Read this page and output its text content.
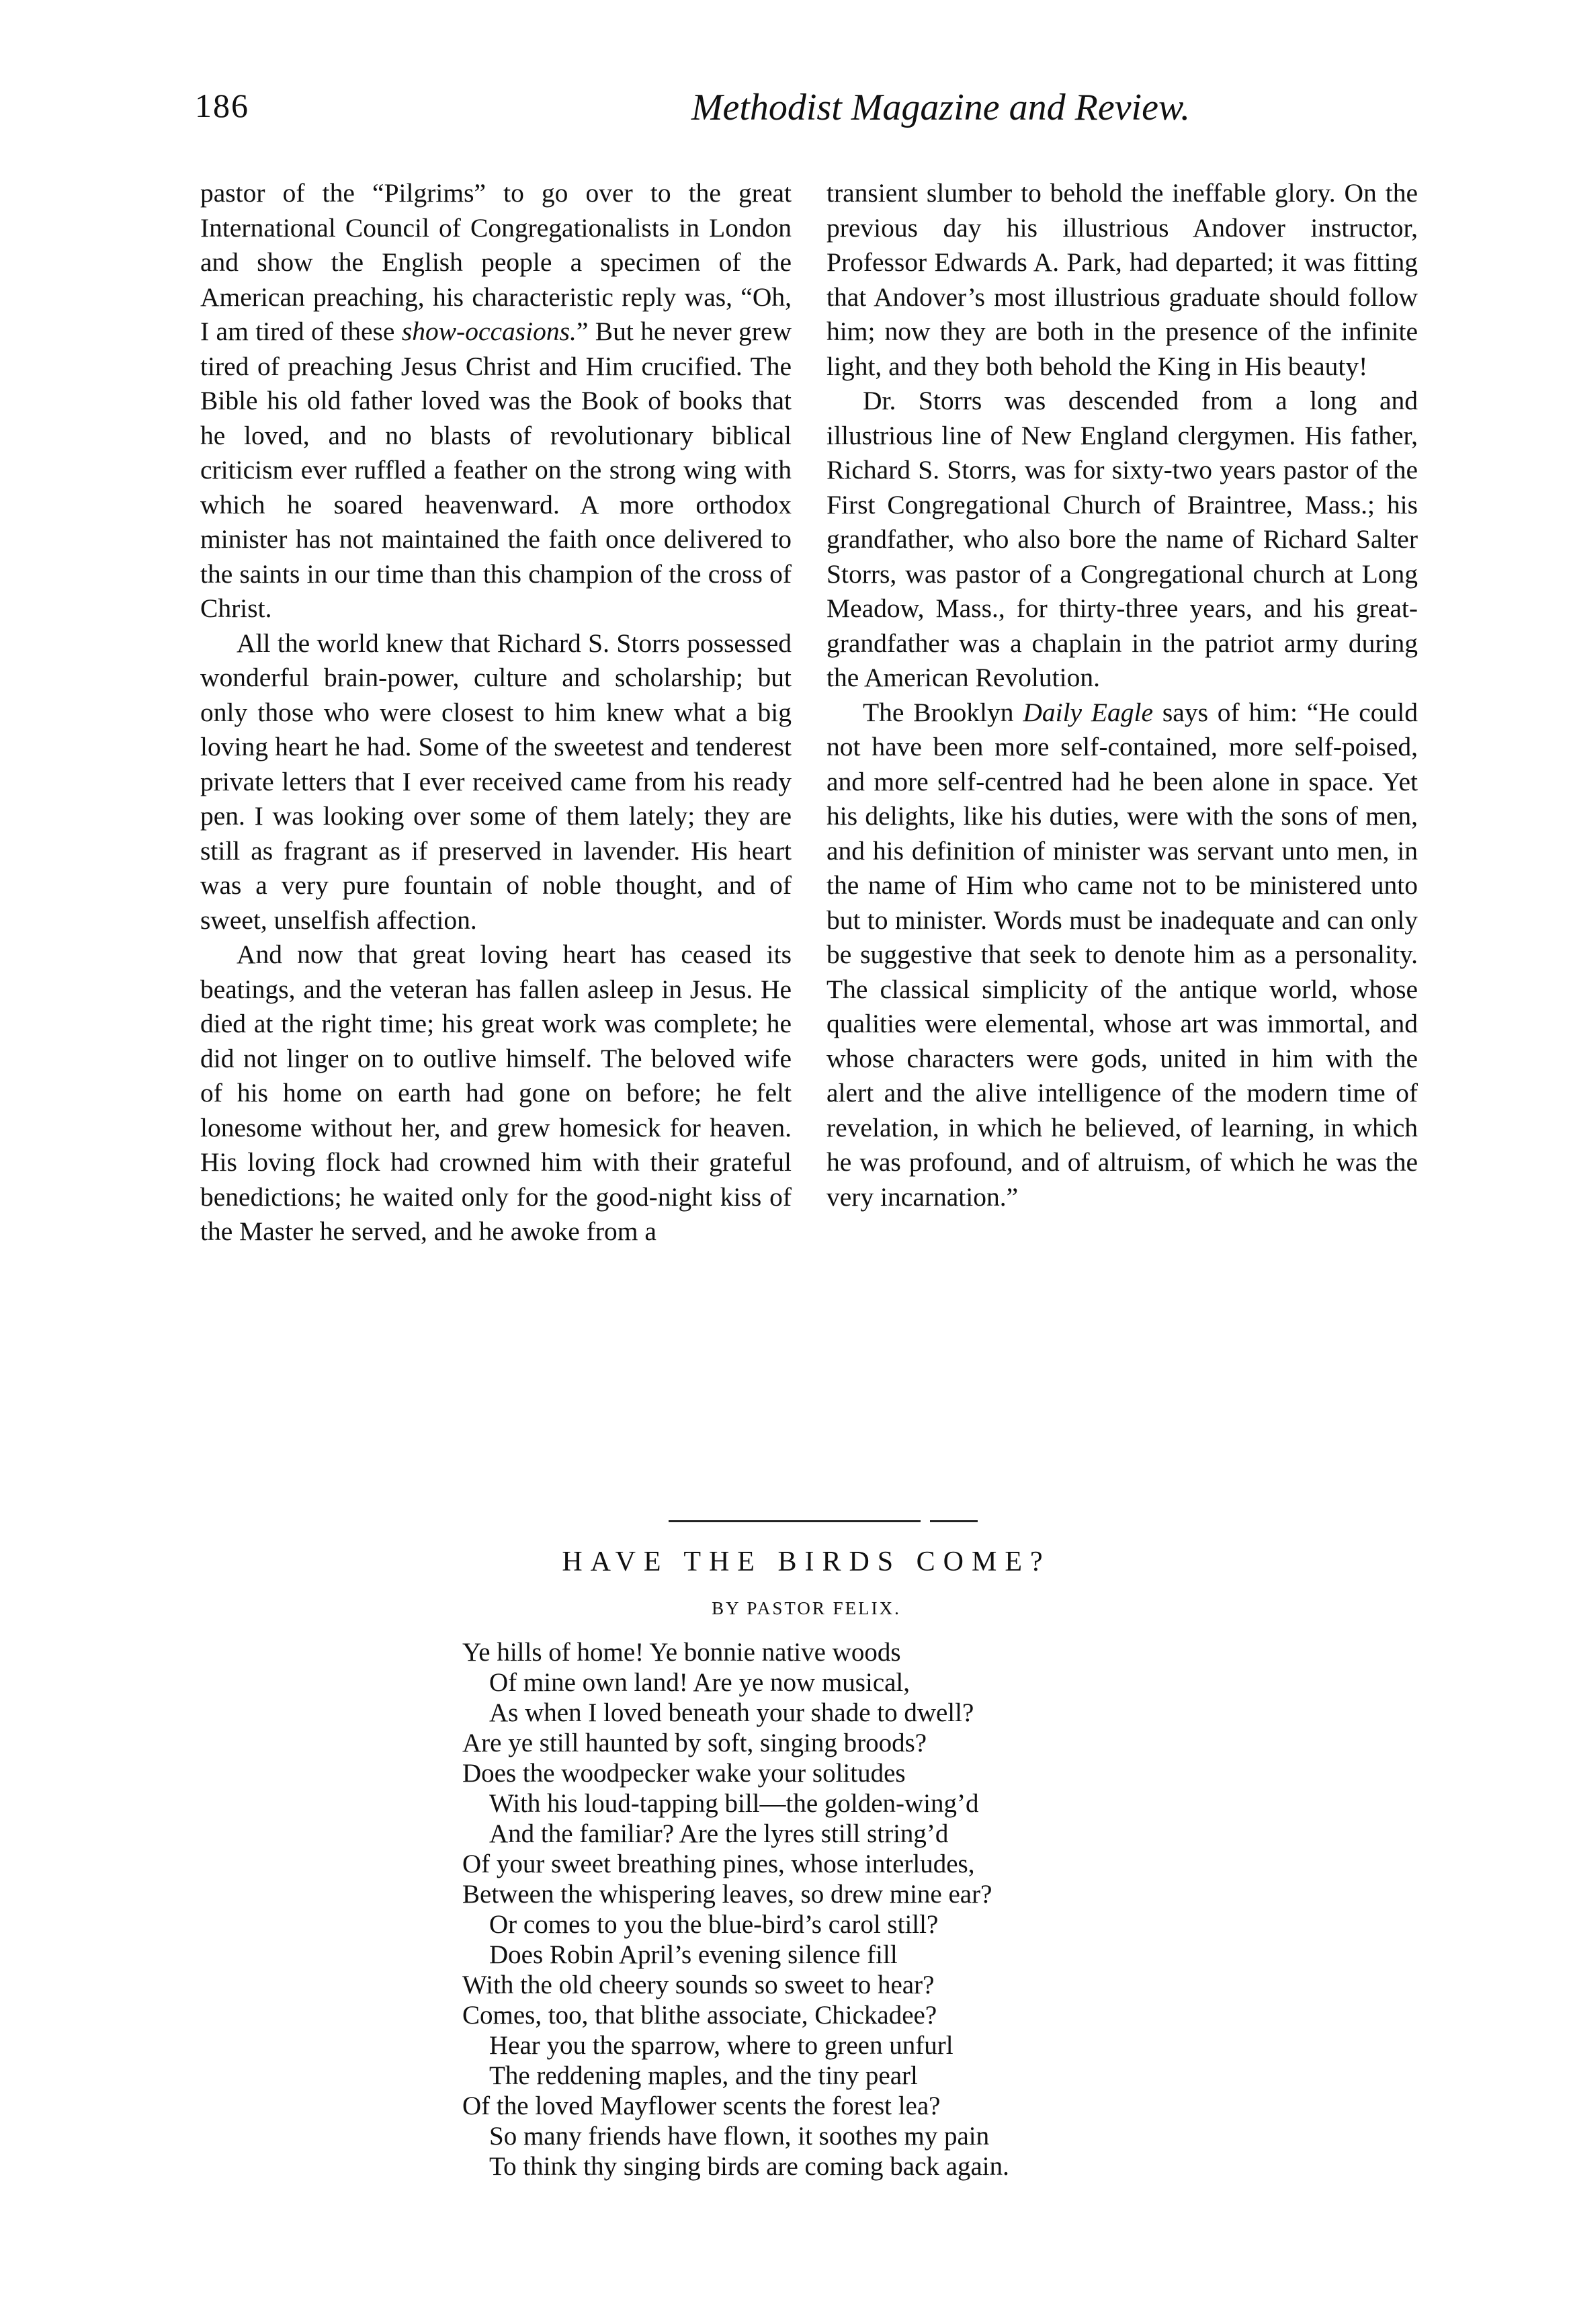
186	Methodist Magazine and Review.

pastor of the “Pilgrims” to go over to the great International Council of Congregationalists in London and show the English people a specimen of the American preaching, his characteristic reply was, “Oh, I am tired of these show-occasions.” But he never grew tired of preaching Jesus Christ and Him crucified. The Bible his old father loved was the Book of books that he loved, and no blasts of revolutionary biblical criticism ever ruffled a feather on the strong wing with which he soared heavenward. A more orthodox minister has not maintained the faith once delivered to the saints in our time than this champion of the cross of Christ.

All the world knew that Richard S. Storrs possessed wonderful brain-power, culture and scholarship; but only those who were closest to him knew what a big loving heart he had. Some of the sweetest and tenderest private letters that I ever received came from his ready pen. I was looking over some of them lately; they are still as fragrant as if preserved in lavender. His heart was a very pure fountain of noble thought, and of sweet, unselfish affection.

And now that great loving heart has ceased its beatings, and the veteran has fallen asleep in Jesus. He died at the right time; his great work was complete; he did not linger on to outlive himself. The beloved wife of his home on earth had gone on before; he felt lonesome without her, and grew homesick for heaven. His loving flock had crowned him with their grateful benedictions; he waited only for the good-night kiss of the Master he served, and he awoke from a

transient slumber to behold the ineffable glory. On the previous day his illustrious Andover instructor, Professor Edwards A. Park, had departed; it was fitting that Andover’s most illustrious graduate should follow him; now they are both in the presence of the infinite light, and they both behold the King in His beauty!

Dr. Storrs was descended from a long and illustrious line of New England clergymen. His father, Richard S. Storrs, was for sixty-two years pastor of the First Congregational Church of Braintree, Mass.; his grandfather, who also bore the name of Richard Salter Storrs, was pastor of a Congregational church at Long Meadow, Mass., for thirty-three years, and his great-grandfather was a chaplain in the patriot army during the American Revolution.

The Brooklyn Daily Eagle says of him: “He could not have been more self-contained, more self-poised, and more self-centred had he been alone in space. Yet his delights, like his duties, were with the sons of men, and his definition of minister was servant unto men, in the name of Him who came not to be ministered unto but to minister. Words must be inadequate and can only be suggestive that seek to denote him as a personality. The classical simplicity of the antique world, whose qualities were elemental, whose art was immortal, and whose characters were gods, united in him with the alert and the alive intelligence of the modern time of revelation, in which he believed, of learning, in which he was profound, and of altruism, of which he was the very incarnation.”

HAVE THE BIRDS COME?
BY PASTOR FELIX.
Ye hills of home! Ye bonnie native woods
Of mine own land! Are ye now musical,
As when I loved beneath your shade to dwell?
Are ye still haunted by soft, singing broods?
Does the woodpecker wake your solitudes
With his loud-tapping bill—the golden-wing’d
And the familiar? Are the lyres still string’d
Of your sweet breathing pines, whose interludes,
Between the whispering leaves, so drew mine ear?
Or comes to you the blue-bird’s carol still?
Does Robin April’s evening silence fill
With the old cheery sounds so sweet to hear?
Comes, too, that blithe associate, Chickadee?
Hear you the sparrow, where to green unfurl
The reddening maples, and the tiny pearl
Of the loved Mayflower scents the forest lea?
So many friends have flown, it soothes my pain
To think thy singing birds are coming back again.
